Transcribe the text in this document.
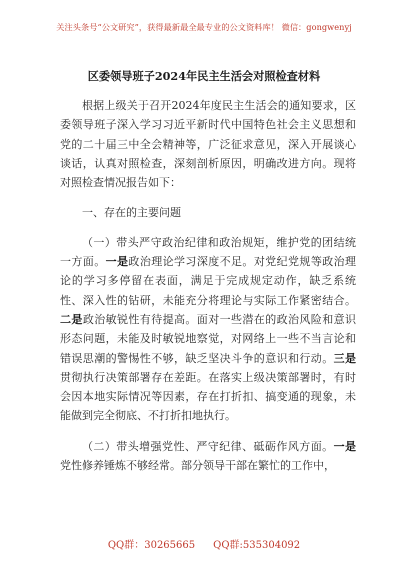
关注头条号“公文研究”，获得最新最全最专业的公文资料库！ 微信：gongwenyj
区委领导班子2024年民主生活会对照检查材料

根据上级关于召开2024年度民主生活会的通知要求，区委领导班子深入学习习近平新时代中国特色社会主义思想和党的二十届三中全会精神等，广泛征求意见，深入开展谈心谈话，认真对照检查，深刻剖析原因，明确改进方向。现将对照检查情况报告如下：

一、存在的主要问题

（一）带头严守政治纪律和政治规矩，维护党的团结统一方面。一是政治理论学习深度不足。对党纪党规等政治理论的学习多停留在表面，满足于完成规定动作，缺乏系统性、深入性的钻研，未能充分将理论与实际工作紧密结合。二是政治敏锐性有待提高。面对一些潜在的政治风险和意识形态问题，未能及时敏锐地察觉，对网络上一些不当言论和错误思潮的警惕性不够，缺乏坚决斗争的意识和行动。三是贯彻执行决策部署存在差距。在落实上级决策部署时，有时会因本地实际情况等因素，存在打折扣、搞变通的现象，未能做到完全彻底、不打折扣地执行。

（二）带头增强党性、严守纪律、砥砺作风方面。一是党性修养锤炼不够经常。部分领导干部在繁忙的工作中，

QQ群：30265665 QQ群:535304092
